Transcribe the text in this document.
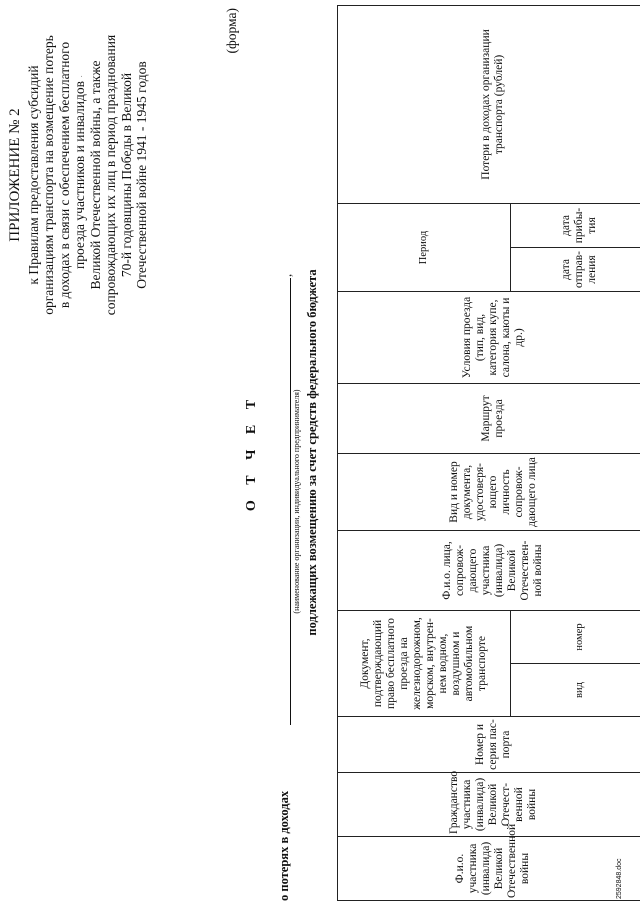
ПРИЛОЖЕНИЕ № 2 к Правилам предоставления субсидий организациям транспорта на возмещение потерь в доходах в связи с обеспечением бесплатного проезда участников и инвалидов Великой Отечественной войны, а также сопровождающих их лиц в период празднования 70-й годовщины Победы в Великой Отечественной войне 1941 - 1945 годов
(форма)
О Т Ч Е Т
о потерях в доходах
,
(наименование организации, индивидуального предпринимателя) подлежащих возмещению за счет средств федерального бюджета
Ф.и.о. участника (инвалида) Великой Отечественной войны	Гражданство участника (инвалида) Великой Отечест-венной войны	Номер и серия пас-порта	Документ, подтверждающий право бесплатного проезда на железнодорожном, морском, внутрен-нем водном, воздушном и автомобильном транспорте		Ф.и.о. лица, сопровож-дающего участника (инвалида) Великой Отечествен-ной войны	Вид и номер документа, удостоверя-ющего личность сопровож-дающего лица	Маршрут проезда	Условия проезда (тип, вид, категория купе, салона, каюты и др.)	Период		Потери в доходах организации транспорта (рублей)
			вид	номер					дата отправ-ления	дата прибы-тия	

2592848.doc
.
